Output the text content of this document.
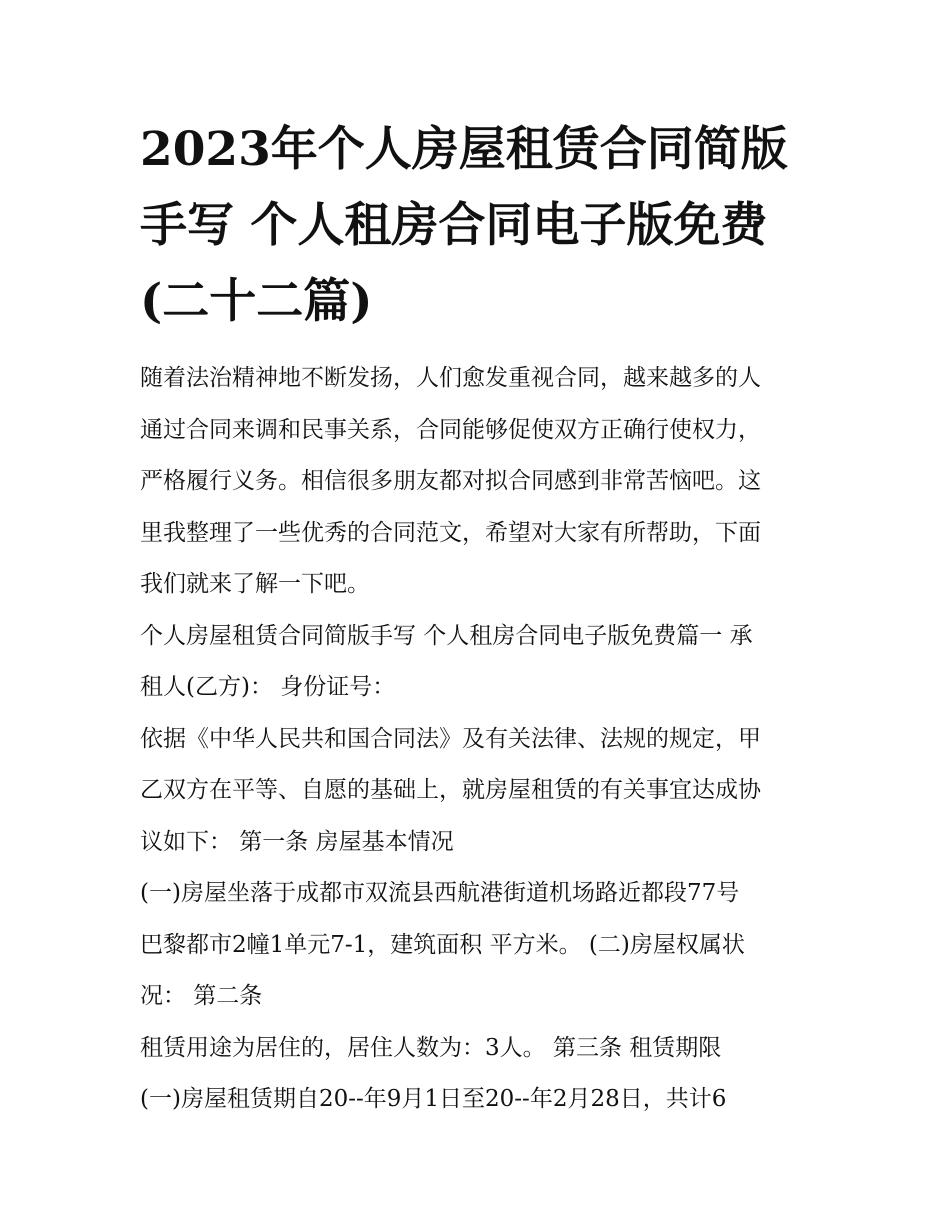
2023年个人房屋租赁合同简版
手写 个人租房合同电子版免费
(二十二篇)
随着法治精神地不断发扬，人们愈发重视合同，越来越多的人
通过合同来调和民事关系，合同能够促使双方正确行使权力，
严格履行义务。相信很多朋友都对拟合同感到非常苦恼吧。这
里我整理了一些优秀的合同范文，希望对大家有所帮助，下面
我们就来了解一下吧。
个人房屋租赁合同简版手写 个人租房合同电子版免费篇一 承
租人(乙方)： 身份证号：
依据《中华人民共和国合同法》及有关法律、法规的规定，甲
乙双方在平等、自愿的基础上，就房屋租赁的有关事宜达成协
议如下： 第一条 房屋基本情况
(一)房屋坐落于成都市双流县西航港街道机场路近都段77号
巴黎都市2幢1单元7-1，建筑面积 平方米。 (二)房屋权属状
况： 第二条
租赁用途为居住的，居住人数为：3人。 第三条 租赁期限
(一)房屋租赁期自20--年9月1日至20--年2月28日，共计6
